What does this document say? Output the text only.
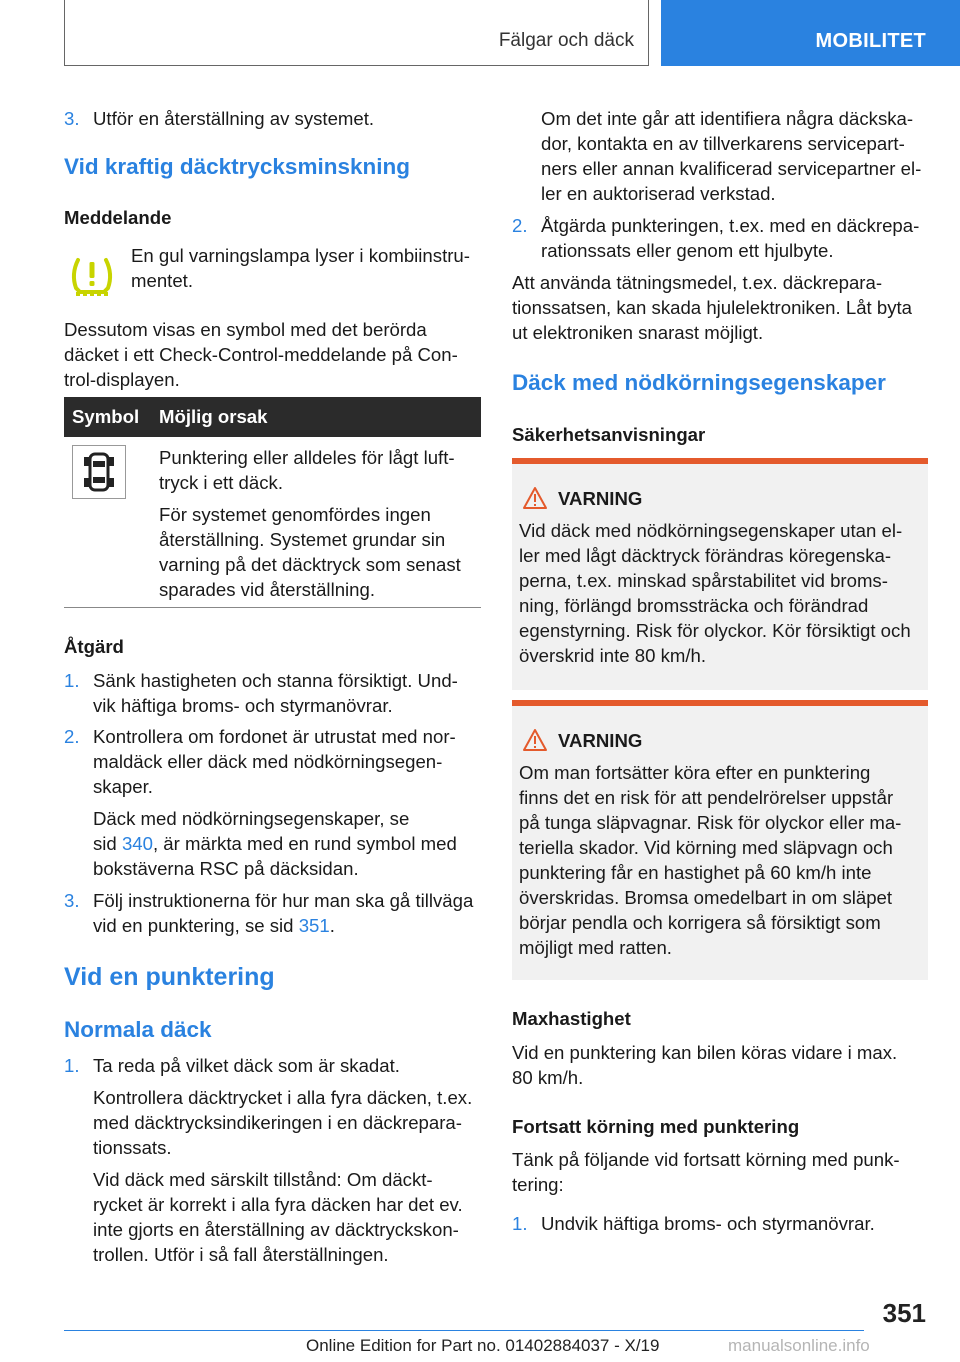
Fälgar och däck	MOBILITET
3. Utför en återställning av systemet.
Vid kraftig däcktrycksminskning
Meddelande

En gul varningslampa lyser i kombiinstru-
mentet.

Dessutom visas en symbol med det berörda
däcket i ett Check-Control-meddelande på Con-
trol-displayen.

Symbol Möjlig orsak

Punktering eller alldeles för lågt luft-
tryck i ett däck.

För systemet genomfördes ingen
återställning. Systemet grundar sin
varning på det däcktryck som senast
sparades vid återställning.

Åtgärd
1. Sänk hastigheten och stanna försiktigt. Und-
vik häftiga broms- och styrmanövrar.
2. Kontrollera om fordonet är utrustat med nor-
maldäck eller däck med nödkörningsegen-
skaper.

Däck med nödkörningsegenskaper, se
sid 340, är märkta med en rund symbol med
bokstäverna RSC på däcksidan.

3. Följ instruktionerna för hur man ska gå tillväga
vid en punktering, se sid 351.
Vid en punktering
Normala däck
1. Ta reda på vilket däck som är skadat.

Kontrollera däcktrycket i alla fyra däcken, t.ex.
med däcktrycksindikeringen i en däckrepara-
tionssats.

Vid däck med särskilt tillstånd: Om däckt-
rycket är korrekt i alla fyra däcken har det ev.
inte gjorts en återställning av däcktryckskon-
trollen. Utför i så fall återställningen.

Om det inte går att identifiera några däckska-
dor, kontakta en av tillverkarens servicepart-
ners eller annan kvalificerad servicepartner el-
ler en auktoriserad verkstad.

2. Åtgärda punkteringen, t.ex. med en däckrepa-
rationssats eller genom ett hjulbyte.

Att använda tätningsmedel, t.ex. däckrepara-
tionssatsen, kan skada hjulelektroniken. Låt byta
ut elektroniken snarast möjligt.

Däck med nödkörningsegenskaper
Säkerhetsanvisningar
VARNING

Vid däck med nödkörningsegenskaper utan el-
ler med lågt däcktryck förändras köregenska-
perna, t.ex. minskad spårstabilitet vid broms-
ning, förlängd bromssträcka och förändrad
egenstyrning. Risk för olyckor. Kör försiktigt och
överskrid inte 80 km/h.

VARNING

Om man fortsätter köra efter en punktering
finns det en risk för att pendelrörelser uppstår
på tunga släpvagnar. Risk för olyckor eller ma-
teriella skador. Vid körning med släpvagn och
punktering får en hastighet på 60 km/h inte
överskridas. Bromsa omedelbart in om släpet
börjar pendla och korrigera så försiktigt som
möjligt med ratten.

Maxhastighet

Vid en punktering kan bilen köras vidare i max.
80 km/h.

Fortsatt körning med punktering

Tänk på följande vid fortsatt körning med punk-
tering:

1. Undvik häftiga broms- och styrmanövrar.
351
Online Edition for Part no. 01402884037 - X/19	manualsonline.info
